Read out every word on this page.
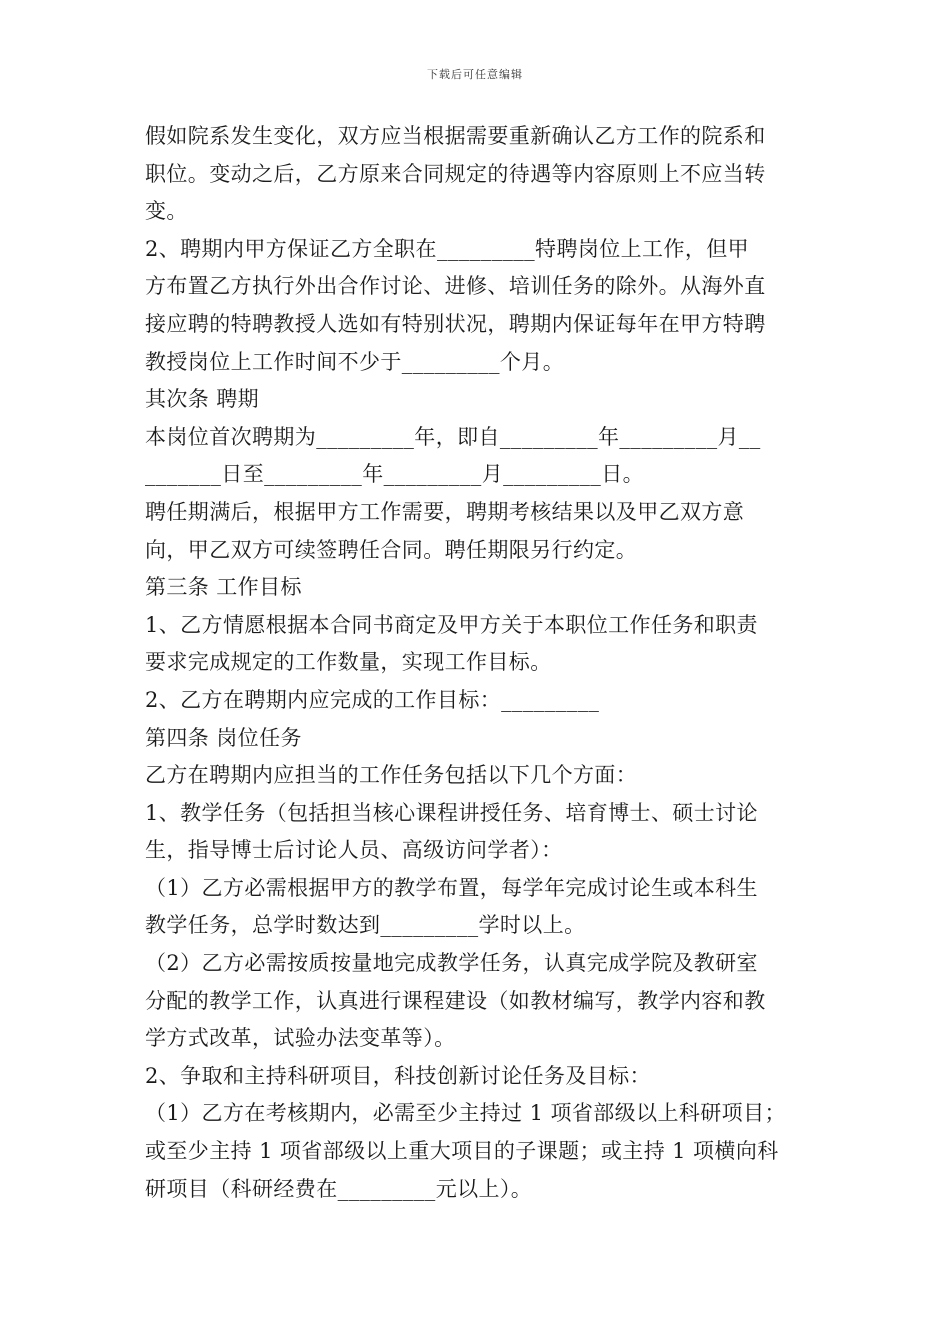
下载后可任意编辑
假如院系发生变化，双方应当根据需要重新确认乙方工作的院系和
职位。变动之后，乙方原来合同规定的待遇等内容原则上不应当转
变。
2、聘期内甲方保证乙方全职在_________特聘岗位上工作，但甲
方布置乙方执行外出合作讨论、进修、培训任务的除外。从海外直
接应聘的特聘教授人选如有特别状况，聘期内保证每年在甲方特聘
教授岗位上工作时间不少于_________个月。
其次条 聘期
本岗位首次聘期为_________年，即自_________年_________月__
_______日至_________年_________月_________日。
聘任期满后，根据甲方工作需要，聘期考核结果以及甲乙双方意
向，甲乙双方可续签聘任合同。聘任期限另行约定。
第三条 工作目标
1、乙方情愿根据本合同书商定及甲方关于本职位工作任务和职责
要求完成规定的工作数量，实现工作目标。
2、乙方在聘期内应完成的工作目标：_________
第四条 岗位任务
乙方在聘期内应担当的工作任务包括以下几个方面：
1、教学任务（包括担当核心课程讲授任务、培育博士、硕士讨论
生，指导博士后讨论人员、高级访问学者）：
（1）乙方必需根据甲方的教学布置，每学年完成讨论生或本科生
教学任务，总学时数达到_________学时以上。
（2）乙方必需按质按量地完成教学任务，认真完成学院及教研室
分配的教学工作，认真进行课程建设（如教材编写，教学内容和教
学方式改革，试验办法变革等）。
2、争取和主持科研项目，科技创新讨论任务及目标：
（1）乙方在考核期内，必需至少主持过 1 项省部级以上科研项目；
或至少主持 1 项省部级以上重大项目的子课题；或主持 1 项横向科
研项目（科研经费在_________元以上）。
